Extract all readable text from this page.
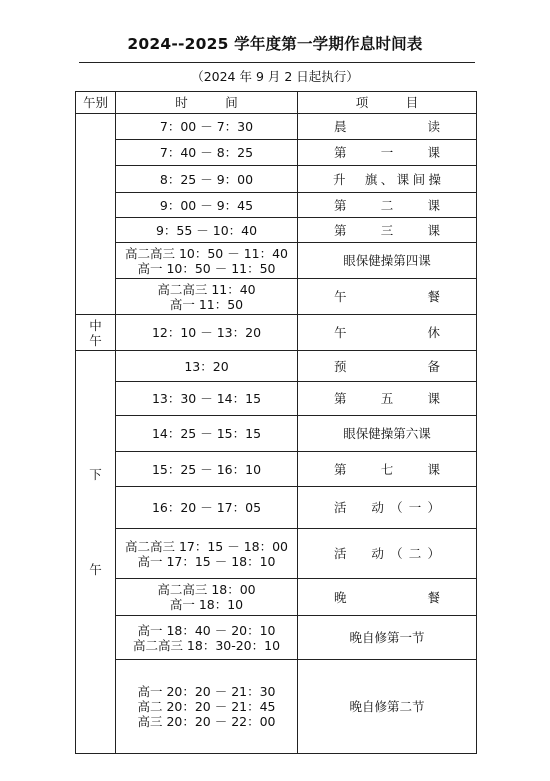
2024--2025 学年度第一学期作息时间表
（2024 年 9 月 2 日起执行）
午别	时　　　间	项　　　目

	7：00 － 7：30	晨　读

	7：40 － 8：25	第　一　课

	8：25 － 9：00	升　旗、课间操

	9：00 － 9：45	第　二　课

	9：55 － 10：40	第　三　课

	高二高三 10：50 － 11：40
高一 10：50 － 11：50	眼保健操第四课

	高二高三 11：40
高一 11：50	午　餐

中
午	12：10 － 13：20	午　休

下
午	13：20	预　备

	13：30 － 14：15	第　五　课

	14：25 － 15：15	眼保健操第六课

	15：25 － 16：10	第　七　课

	16：20 － 17：05	活　动（一）

	高二高三 17：15 － 18：00
高一 17：15 － 18：10	活　动（二）

	高二高三 18：00
高一 18：10	晚　餐

	高一 18：40 － 20：10
高二高三 18：30-20：10	晚自修第一节

	高一 20：20 － 21：30
高二 20：20 － 21：45
高三 20：20 － 22：00	晚自修第二节
